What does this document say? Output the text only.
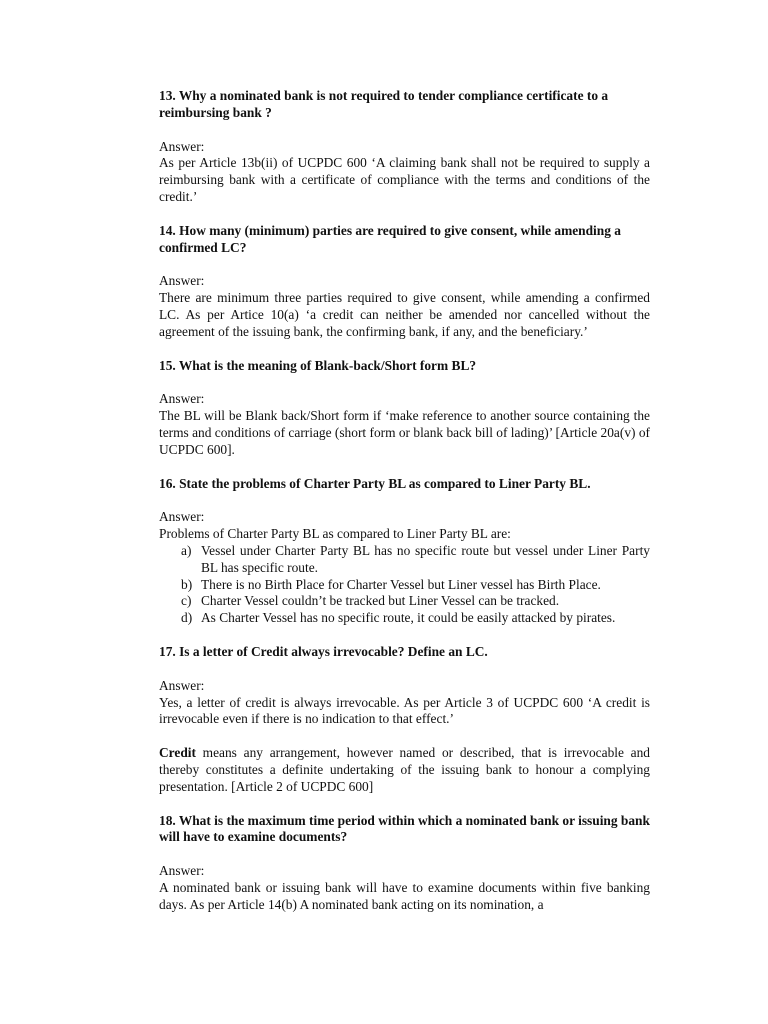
13. Why a nominated bank is not required to tender compliance certificate to a reimbursing bank ?

Answer:

As per Article 13b(ii) of UCPDC 600 ‘A claiming bank shall not be required to supply a reimbursing bank with a certificate of compliance with the terms and conditions of the credit.’

14. How many (minimum) parties are required to give consent, while amending a confirmed LC?

Answer:

There are minimum three parties required to give consent, while amending a confirmed LC. As per Artice 10(a) ‘a credit can neither be amended nor cancelled without the agreement of the issuing bank, the confirming bank, if any, and the beneficiary.’

15. What is the meaning of Blank-back/Short form BL?

Answer:

The BL will be Blank back/Short form if ‘make reference to another source containing the terms and conditions of carriage (short form or blank back bill of lading)’ [Article 20a(v) of UCPDC 600].

16. State the problems of Charter Party BL as compared to Liner Party BL.

Answer:

Problems of Charter Party BL as compared to Liner Party BL are:

a) Vessel under Charter Party BL has no specific route but vessel under Liner Party BL has specific route.
b) There is no Birth Place for Charter Vessel but Liner vessel has Birth Place.
c) Charter Vessel couldn’t be tracked but Liner Vessel can be tracked.
d) As Charter Vessel has no specific route, it could be easily attacked by pirates.

17. Is a letter of Credit always irrevocable? Define an LC.

Answer:

Yes, a letter of credit is always irrevocable. As per Article 3 of UCPDC 600 ‘A credit is irrevocable even if there is no indication to that effect.’

Credit means any arrangement, however named or described, that is irrevocable and thereby constitutes a definite undertaking of the issuing bank to honour a complying presentation. [Article 2 of UCPDC 600]

18. What is the maximum time period within which a nominated bank or issuing bank will have to examine documents?

Answer:

A nominated bank or issuing bank will have to examine documents within five banking days. As per Article 14(b) A nominated bank acting on its nomination, a
